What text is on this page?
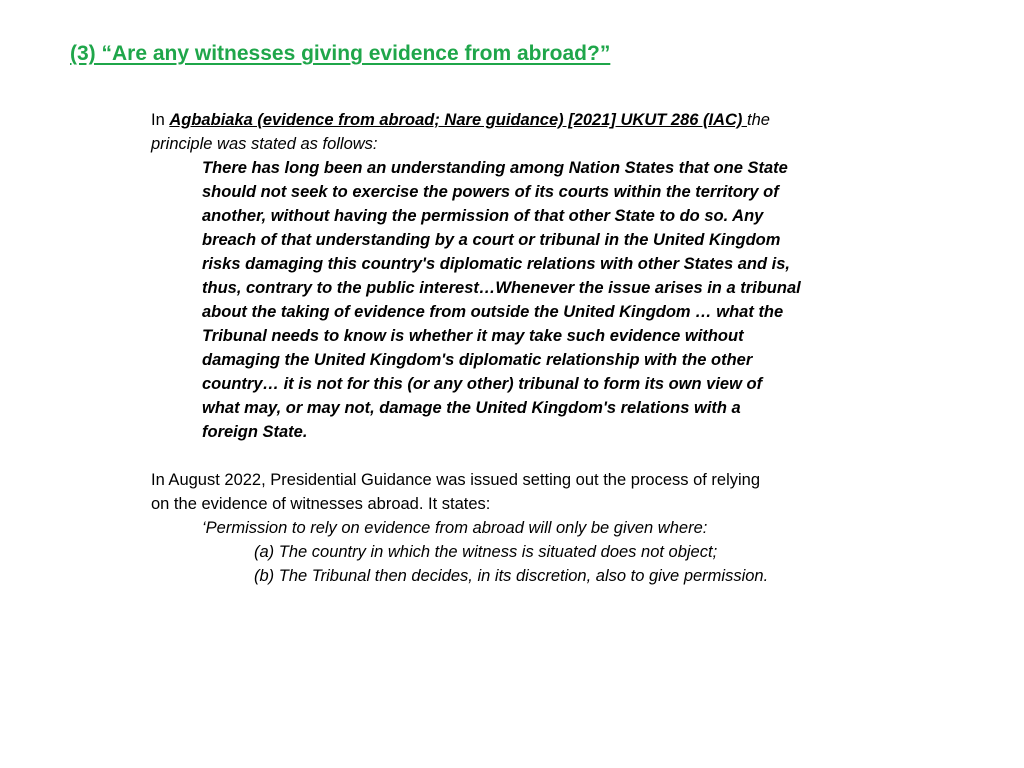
(3) “Are any witnesses giving evidence from abroad?”
In Agbabiaka (evidence from abroad; Nare guidance) [2021] UKUT 286 (IAC) the
principle was stated as follows:
There has long been an understanding among Nation States that one State
should not seek to exercise the powers of its courts within the territory of
another, without having the permission of that other State to do so. Any
breach of that understanding by a court or tribunal in the United Kingdom
risks damaging this country's diplomatic relations with other States and is,
thus, contrary to the public interest…Whenever the issue arises in a tribunal
about the taking of evidence from outside the United Kingdom … what the
Tribunal needs to know is whether it may take such evidence without
damaging the United Kingdom's diplomatic relationship with the other
country… it is not for this (or any other) tribunal to form its own view of
what may, or may not, damage the United Kingdom's relations with a
foreign State.
In August 2022, Presidential Guidance was issued setting out the process of relying
on the evidence of witnesses abroad. It states:
‘Permission to rely on evidence from abroad will only be given where:
(a) The country in which the witness is situated does not object;
(b) The Tribunal then decides, in its discretion, also to give permission.
